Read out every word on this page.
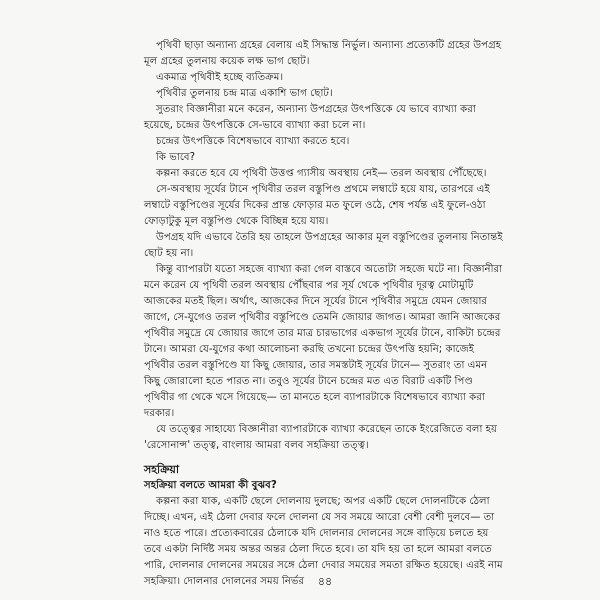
পৃথিবী ছাড়া অন্যান্য গ্রহের বেলায় এই সিদ্ধান্ত নির্ভুল। অন্যান্য প্রত্যেকটি গ্রহের উপগ্রহ মূল গ্রহের তুলনায় কয়েক লক্ষ ভাগ ছোট।

একমাত্র পৃথিবীই হচ্ছে ব্যতিক্রম।

পৃথিবীর তুলনায় চন্দ্র মাত্র একাশি ভাগ ছোট।

সুতরাং বিজ্ঞানীরা মনে করেন, অন্যান্য উপগ্রহের উৎপত্তিকে যে ভাবে ব্যাখ্যা করা হয়েছে, চন্দ্রের উৎপত্তিকে সে-ভাবে ব্যাখ্যা করা চলে না।

চন্দ্রের উৎপত্তিকে বিশেষভাবে ব্যাখ্যা করতে হবে।

কি ভাবে?

কল্পনা করতে হবে যে পৃথিবী উত্তপ্ত গ্যাসীয় অবস্থায় নেই— তরল অবস্থায় পৌঁছেছে।

সে-অবস্থায় সূর্যের টানে পৃথিবীর তরল বস্তুপিণ্ড প্রথমে লম্বাটে হয়ে যায়, তারপরে এই লম্বাটে বস্তুপিণ্ডের সূর্যের দিকের প্রান্ত ফোড়ার মত ফুলে ওঠে, শেষ পর্যন্ত এই ফুলে-ওঠা ফোড়াটুকু মূল বস্তুপিণ্ড থেকে বিচ্ছিন্ন হয়ে যায়।

উপগ্রহ যদি এভাবে তৈরি হয় তাহলে উপগ্রহের আকার মূল বস্তুপিণ্ডের তুলনায় নিতান্তই ছোট হয় না।

কিন্তু ব্যাপারটা যতো সহজে ব্যাখ্যা করা গেল বাস্তবে অতোটা সহজে ঘটে না। বিজ্ঞানীরা মনে করেন যে পৃথিবী তরল অবস্থায় পৌঁছবার পর সূর্য থেকে পৃথিবীর দূরত্ব মোটামুটি আজকের মতই ছিল। অর্থাৎ, আজকের দিনে সূর্যের টানে পৃথিবীর সমুদ্রে যেমন জোয়ার জাগে, সে-যুগেও তরল পৃথিবীর বস্তুপিণ্ডে তেমনি জোয়ার জাগত। আমরা জানি আজকের পৃথিবীর সমুদ্রে যে জোয়ার জাগে তার মাত্র চারভাগের একভাগ সূর্যের টানে, বাকিটা চন্দ্রের টানে। আমরা যে-যুগের কথা আলোচনা করছি তখনো চন্দ্রের উৎপত্তি হয়নি; কাজেই পৃথিবীর তরল বস্তুপিণ্ডে যা কিছু জোয়ার, তার সমস্তটাই সূর্যের টানে— সুতরাং তা এমন কিছু জোরালো হতে পারত না। তবুও সূর্যের টানে চন্দ্রের মত এত বিরাট একটি পিণ্ড পৃথিবীর গা থেকে খসে গিয়েছে— তা মানতে হলে ব্যাপারটাকে বিশেষভাবে ব্যাখ্যা করা দরকার।

যে তত্ত্বের সাহায্যে বিজ্ঞানীরা ব্যাপারটাকে ব্যাখ্যা করেছেন তাকে ইংরেজিতে বলা হয় 'রেসোনান্স' তত্ত্ব, বাংলায় আমরা বলব সহক্রিয়া তত্ত্ব।

সহক্রিয়া
সহক্রিয়া বলতে আমরা কী বুঝব?

কল্পনা করা যাক, একটি ছেলে দোলনায় দুলছে; অপর একটি ছেলে দোলনটিকে ঠেলা দিচ্ছে। এখন, এই ঠেলা দেবার ফলে দোলনা যে সব সময়ে আরো বেশী বেশী দুলবে— তা নাও হতে পারে। প্রত্যেকবারের ঠেলাকে যদি দোলনার দোলনের সঙ্গে বাড়িয়ে চলতে হয় তবে একটা নির্দিষ্ট সময় অন্তর অন্তর ঠেলা দিতে হবে। তা যদি হয় তা হলে আমরা বলতে পারি, দোলনার দোলনের সময়ের সঙ্গে ঠেলা দেবার সময়ের সমতা রক্ষিত হয়েছে। এরই নাম সহক্রিয়া। দোলনার দোলনের সময় নির্ভর	৪৪
